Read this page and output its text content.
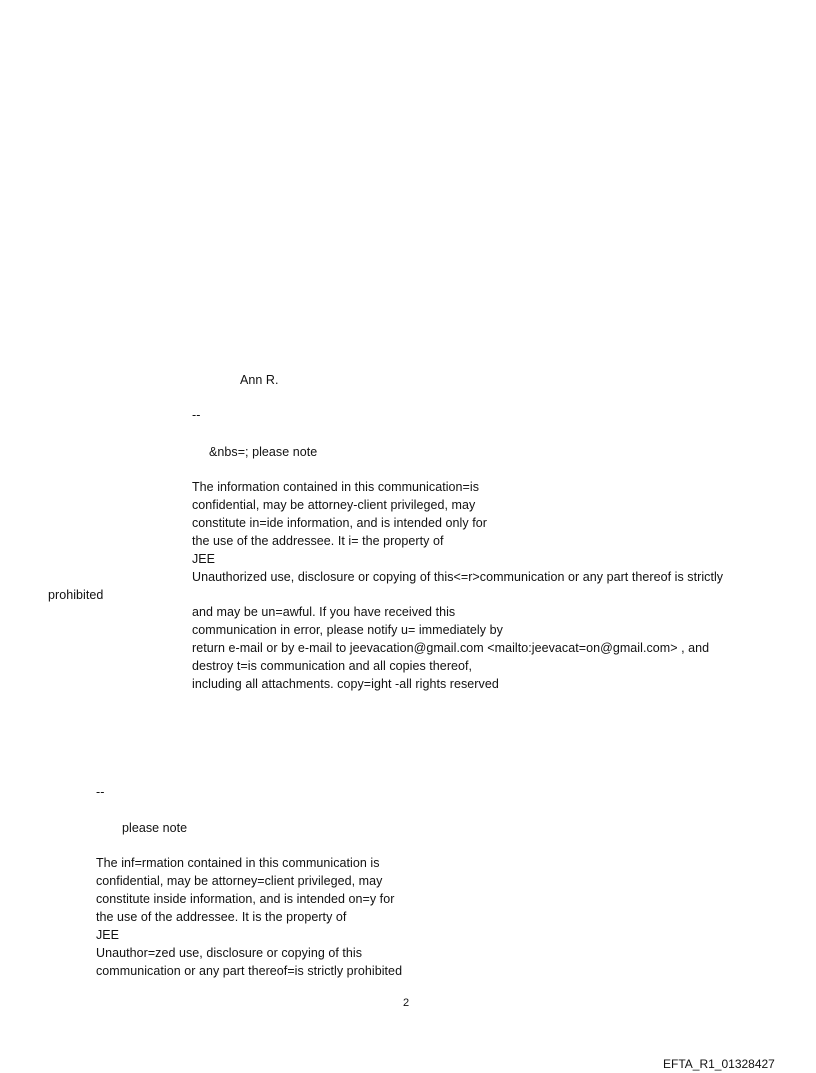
Ann R.
--
&nbs=; please note
The information contained in this communication=is
confidential, may be attorney-client privileged, may
constitute in=ide information, and is intended only for
the use of the addressee. It i= the property of
JEE
Unauthorized use, disclosure or copying of this<=r>communication or any part thereof is strictly
prohibited
and may be un=awful. If you have received this
communication in error, please notify u= immediately by
return e-mail or by e-mail to jeevacation@gmail.com <mailto:jeevacat=on@gmail.com> , and
destroy t=is communication and all copies thereof,
including all attachments. copy=ight -all rights reserved
--
please note
The inf=rmation contained in this communication is
confidential, may be attorney=client privileged, may
constitute inside information, and is intended on=y for
the use of the addressee. It is the property of
JEE
Unauthor=zed use, disclosure or copying of this
communication or any part thereof=is strictly prohibited
2
EFTA_R1_01328427
